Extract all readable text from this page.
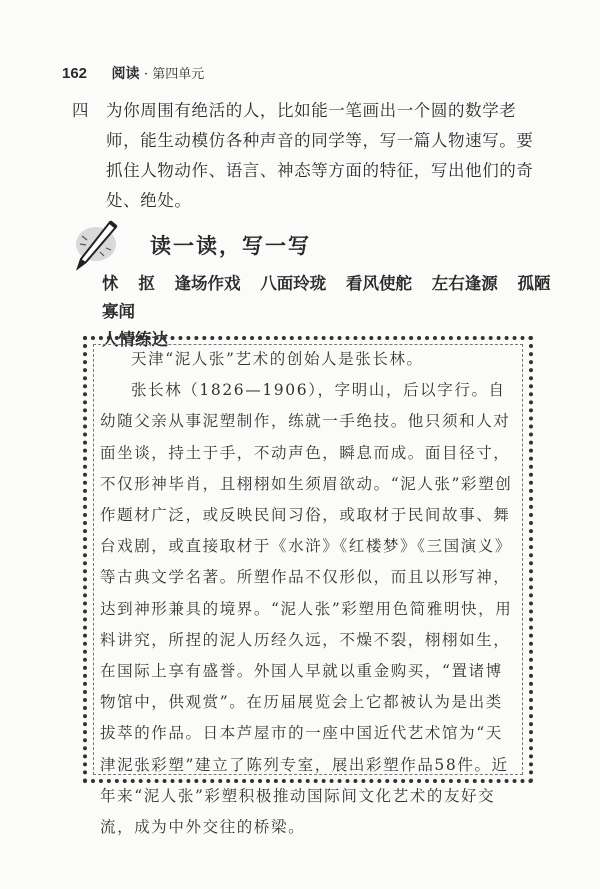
162 阅读 · 第四单元
四 为你周围有绝活的人，比如能一笔画出一个圆的数学老师，能生动模仿各种声音的同学等，写一篇人物速写。要抓住人物动作、语言、神态等方面的特征，写出他们的奇处、绝处。
读一读，写一写
怵 抠 逢场作戏 八面玲珑 看风使舵 左右逢源 孤陋寡闻
人情练达

天津“泥人张”艺术的创始人是张长林。

张长林（1826—1906），字明山，后以字行。自幼随父亲从事泥塑制作，练就一手绝技。他只须和人对面坐谈，持土于手，不动声色，瞬息而成。面目径寸，不仅形神毕肖，且栩栩如生须眉欲动。“泥人张”彩塑创作题材广泛，或反映民间习俗，或取材于民间故事、舞台戏剧，或直接取材于《水浒》《红楼梦》《三国演义》等古典文学名著。所塑作品不仅形似，而且以形写神，达到神形兼具的境界。“泥人张”彩塑用色简雅明快，用料讲究，所捏的泥人历经久远，不燥不裂，栩栩如生，在国际上享有盛誉。外国人早就以重金购买，“置诸博物馆中，供观赏”。在历届展览会上它都被认为是出类拔萃的作品。日本芦屋市的一座中国近代艺术馆为“天津泥张彩塑”建立了陈列专室，展出彩塑作品58件。近年来“泥人张”彩塑积极推动国际间文化艺术的友好交流，成为中外交往的桥梁。
